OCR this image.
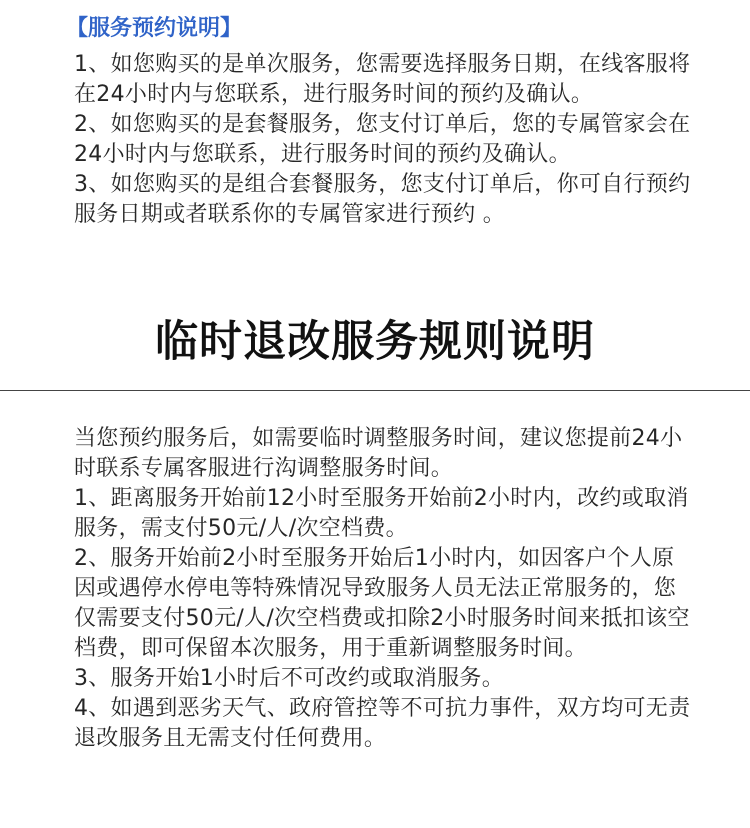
【服务预约说明】

1、如您购买的是单次服务，您需要选择服务日期，在线客服将在24小时内与您联系，进行服务时间的预约及确认。

2、如您购买的是套餐服务，您支付订单后，您的专属管家会在24小时内与您联系，进行服务时间的预约及确认。

3、如您购买的是组合套餐服务，您支付订单后，你可自行预约服务日期或者联系你的专属管家进行预约 。

临时退改服务规则说明

当您预约服务后，如需要临时调整服务时间，建议您提前24小时联系专属客服进行沟调整服务时间。

1、距离服务开始前12小时至服务开始前2小时内，改约或取消服务，需支付50元/人/次空档费。

2、服务开始前2小时至服务开始后1小时内，如因客户个人原因或遇停水停电等特殊情况导致服务人员无法正常服务的，您仅需要支付50元/人/次空档费或扣除2小时服务时间来抵扣该空档费，即可保留本次服务，用于重新调整服务时间。

3、服务开始1小时后不可改约或取消服务。

4、如遇到恶劣天气、政府管控等不可抗力事件，双方均可无责退改服务且无需支付任何费用。
